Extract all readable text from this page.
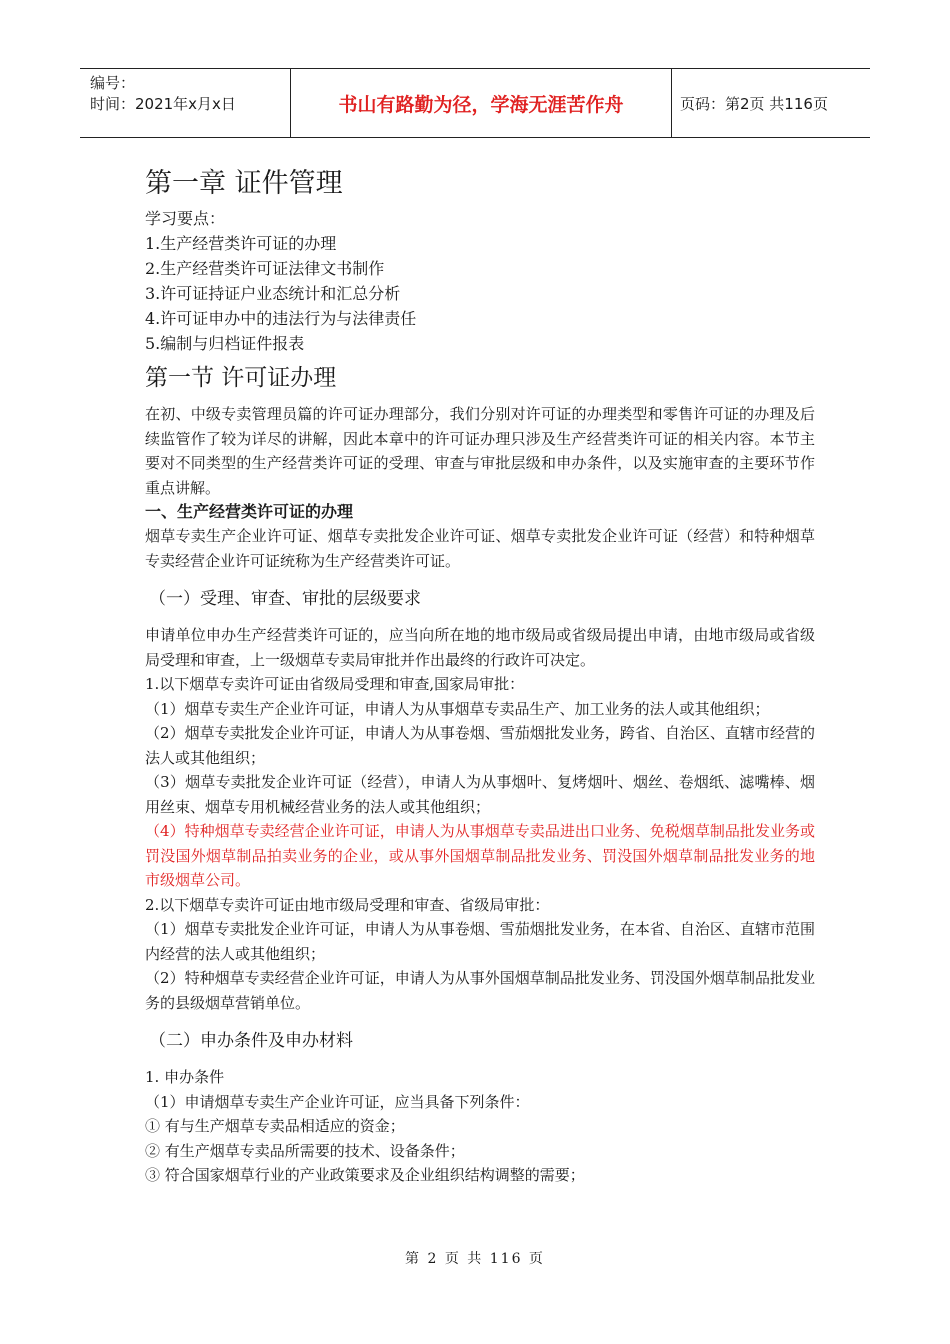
编号：
时间：2021年x月x日	书山有路勤为径，学海无涯苦作舟	页码：第2页 共116页
第一章 证件管理

学习要点：

1.生产经营类许可证的办理

2.生产经营类许可证法律文书制作

3.许可证持证户业态统计和汇总分析

4.许可证申办中的违法行为与法律责任

5.编制与归档证件报表

第一节 许可证办理

在初、中级专卖管理员篇的许可证办理部分，我们分别对许可证的办理类型和零售许可证的办理及后续监管作了较为详尽的讲解，因此本章中的许可证办理只涉及生产经营类许可证的相关内容。本节主要对不同类型的生产经营类许可证的受理、审查与审批层级和申办条件，以及实施审查的主要环节作重点讲解。

一、生产经营类许可证的办理

烟草专卖生产企业许可证、烟草专卖批发企业许可证、烟草专卖批发企业许可证（经营）和特种烟草专卖经营企业许可证统称为生产经营类许可证。

（一）受理、审查、审批的层级要求

申请单位申办生产经营类许可证的，应当向所在地的地市级局或省级局提出申请，由地市级局或省级局受理和审查，上一级烟草专卖局审批并作出最终的行政许可决定。

1.以下烟草专卖许可证由省级局受理和审查,国家局审批：

（1）烟草专卖生产企业许可证，申请人为从事烟草专卖品生产、加工业务的法人或其他组织；

（2）烟草专卖批发企业许可证，申请人为从事卷烟、雪茄烟批发业务，跨省、自治区、直辖市经营的法人或其他组织；

（3）烟草专卖批发企业许可证（经营），申请人为从事烟叶、复烤烟叶、烟丝、卷烟纸、滤嘴棒、烟用丝束、烟草专用机械经营业务的法人或其他组织；

（4）特种烟草专卖经营企业许可证，申请人为从事烟草专卖品进出口业务、免税烟草制品批发业务或罚没国外烟草制品拍卖业务的企业，或从事外国烟草制品批发业务、罚没国外烟草制品批发业务的地市级烟草公司。

2.以下烟草专卖许可证由地市级局受理和审查、省级局审批：

（1）烟草专卖批发企业许可证，申请人为从事卷烟、雪茄烟批发业务，在本省、自治区、直辖市范围内经营的法人或其他组织；

（2）特种烟草专卖经营企业许可证，申请人为从事外国烟草制品批发业务、罚没国外烟草制品批发业务的县级烟草营销单位。

（二）申办条件及申办材料

1. 申办条件

（1）申请烟草专卖生产企业许可证，应当具备下列条件：

① 有与生产烟草专卖品相适应的资金；

② 有生产烟草专卖品所需要的技术、设备条件；

③ 符合国家烟草行业的产业政策要求及企业组织结构调整的需要；

第 2 页 共 116 页
